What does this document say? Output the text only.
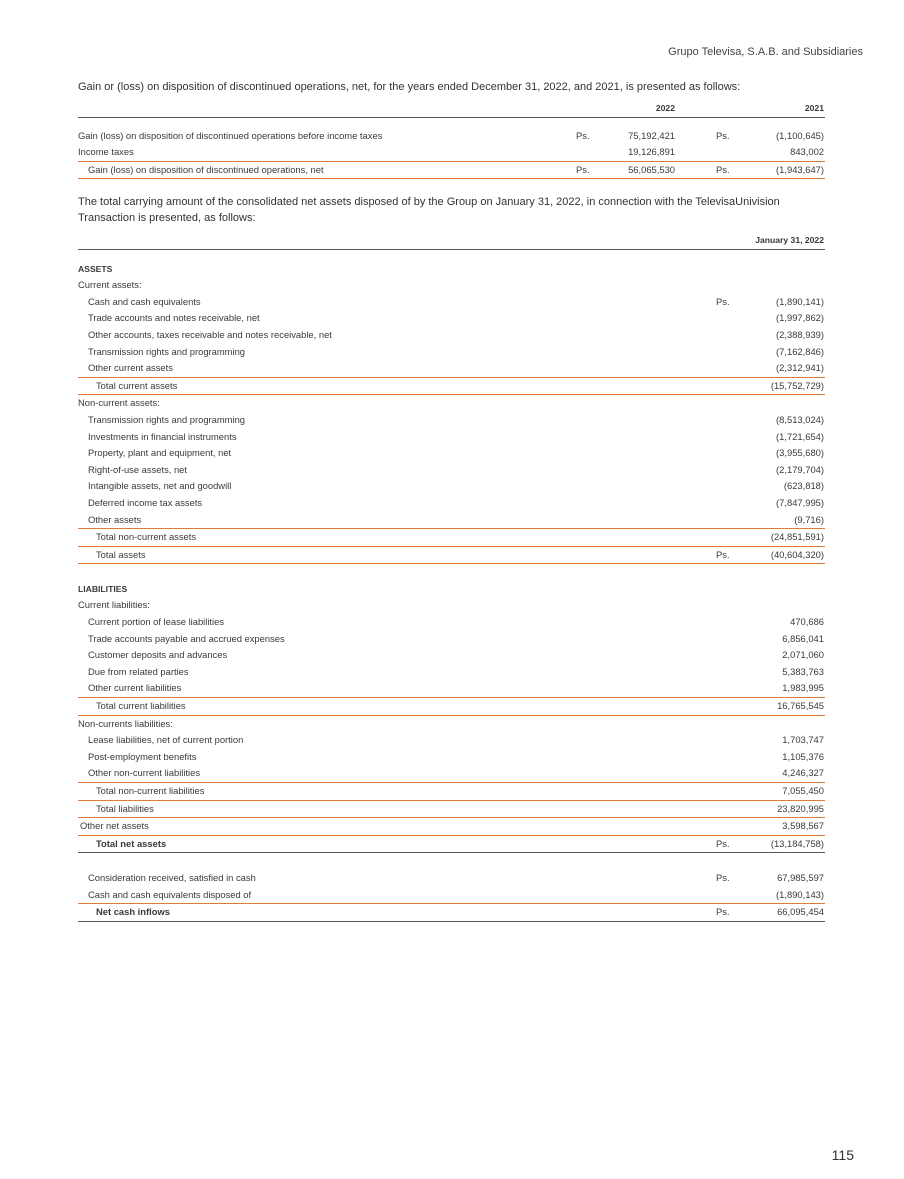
Grupo Televisa, S.A.B. and Subsidiaries
Gain or (loss) on disposition of discontinued operations, net, for the years ended December 31, 2022, and 2021, is presented as follows:
2022	2021
Gain (loss) on disposition of discontinued operations before income taxes	Ps.	75,192,421	Ps.	(1,100,645)
Income taxes	19,126,891	843,002
Gain (loss) on disposition of discontinued operations, net	Ps.	56,065,530	Ps.	(1,943,647)
The total carrying amount of the consolidated net assets disposed of by the Group on January 31, 2022, in connection with the TelevisaUnivision Transaction is presented, as follows:
January 31, 2022
ASSETS
Current assets:
Cash and cash equivalents	Ps.	(1,890,141)
Trade accounts and notes receivable, net	(1,997,862)
Other accounts, taxes receivable and notes receivable, net	(2,388,939)
Transmission rights and programming	(7,162,846)
Other current assets	(2,312,941)
Total current assets	(15,752,729)
Non-current assets:
Transmission rights and programming	(8,513,024)
Investments in financial instruments	(1,721,654)
Property, plant and equipment, net	(3,955,680)
Right-of-use assets, net	(2,179,704)
Intangible assets, net and goodwill	(623,818)
Deferred income tax assets	(7,847,995)
Other assets	(9,716)
Total non-current assets	(24,851,591)
Total assets	Ps.	(40,604,320)
LIABILITIES
Current liabilities:
Current portion of lease liabilities	470,686
Trade accounts payable and accrued expenses	6,856,041
Customer deposits and advances	2,071,060
Due from related parties	5,383,763
Other current liabilities	1,983,995
Total current liabilities	16,765,545
Non-currents liabilities:
Lease liabilities, net of current portion	1,703,747
Post-employment benefits	1,105,376
Other non-current liabilities	4,246,327
Total non-current liabilities	7,055,450
Total liabilities	23,820,995
Other net assets	3,598,567
Total net assets	Ps.	(13,184,758)
Consideration received, satisfied in cash	Ps.	67,985,597
Cash and cash equivalents disposed of	(1,890,143)
Net cash inflows	Ps.	66,095,454
115
